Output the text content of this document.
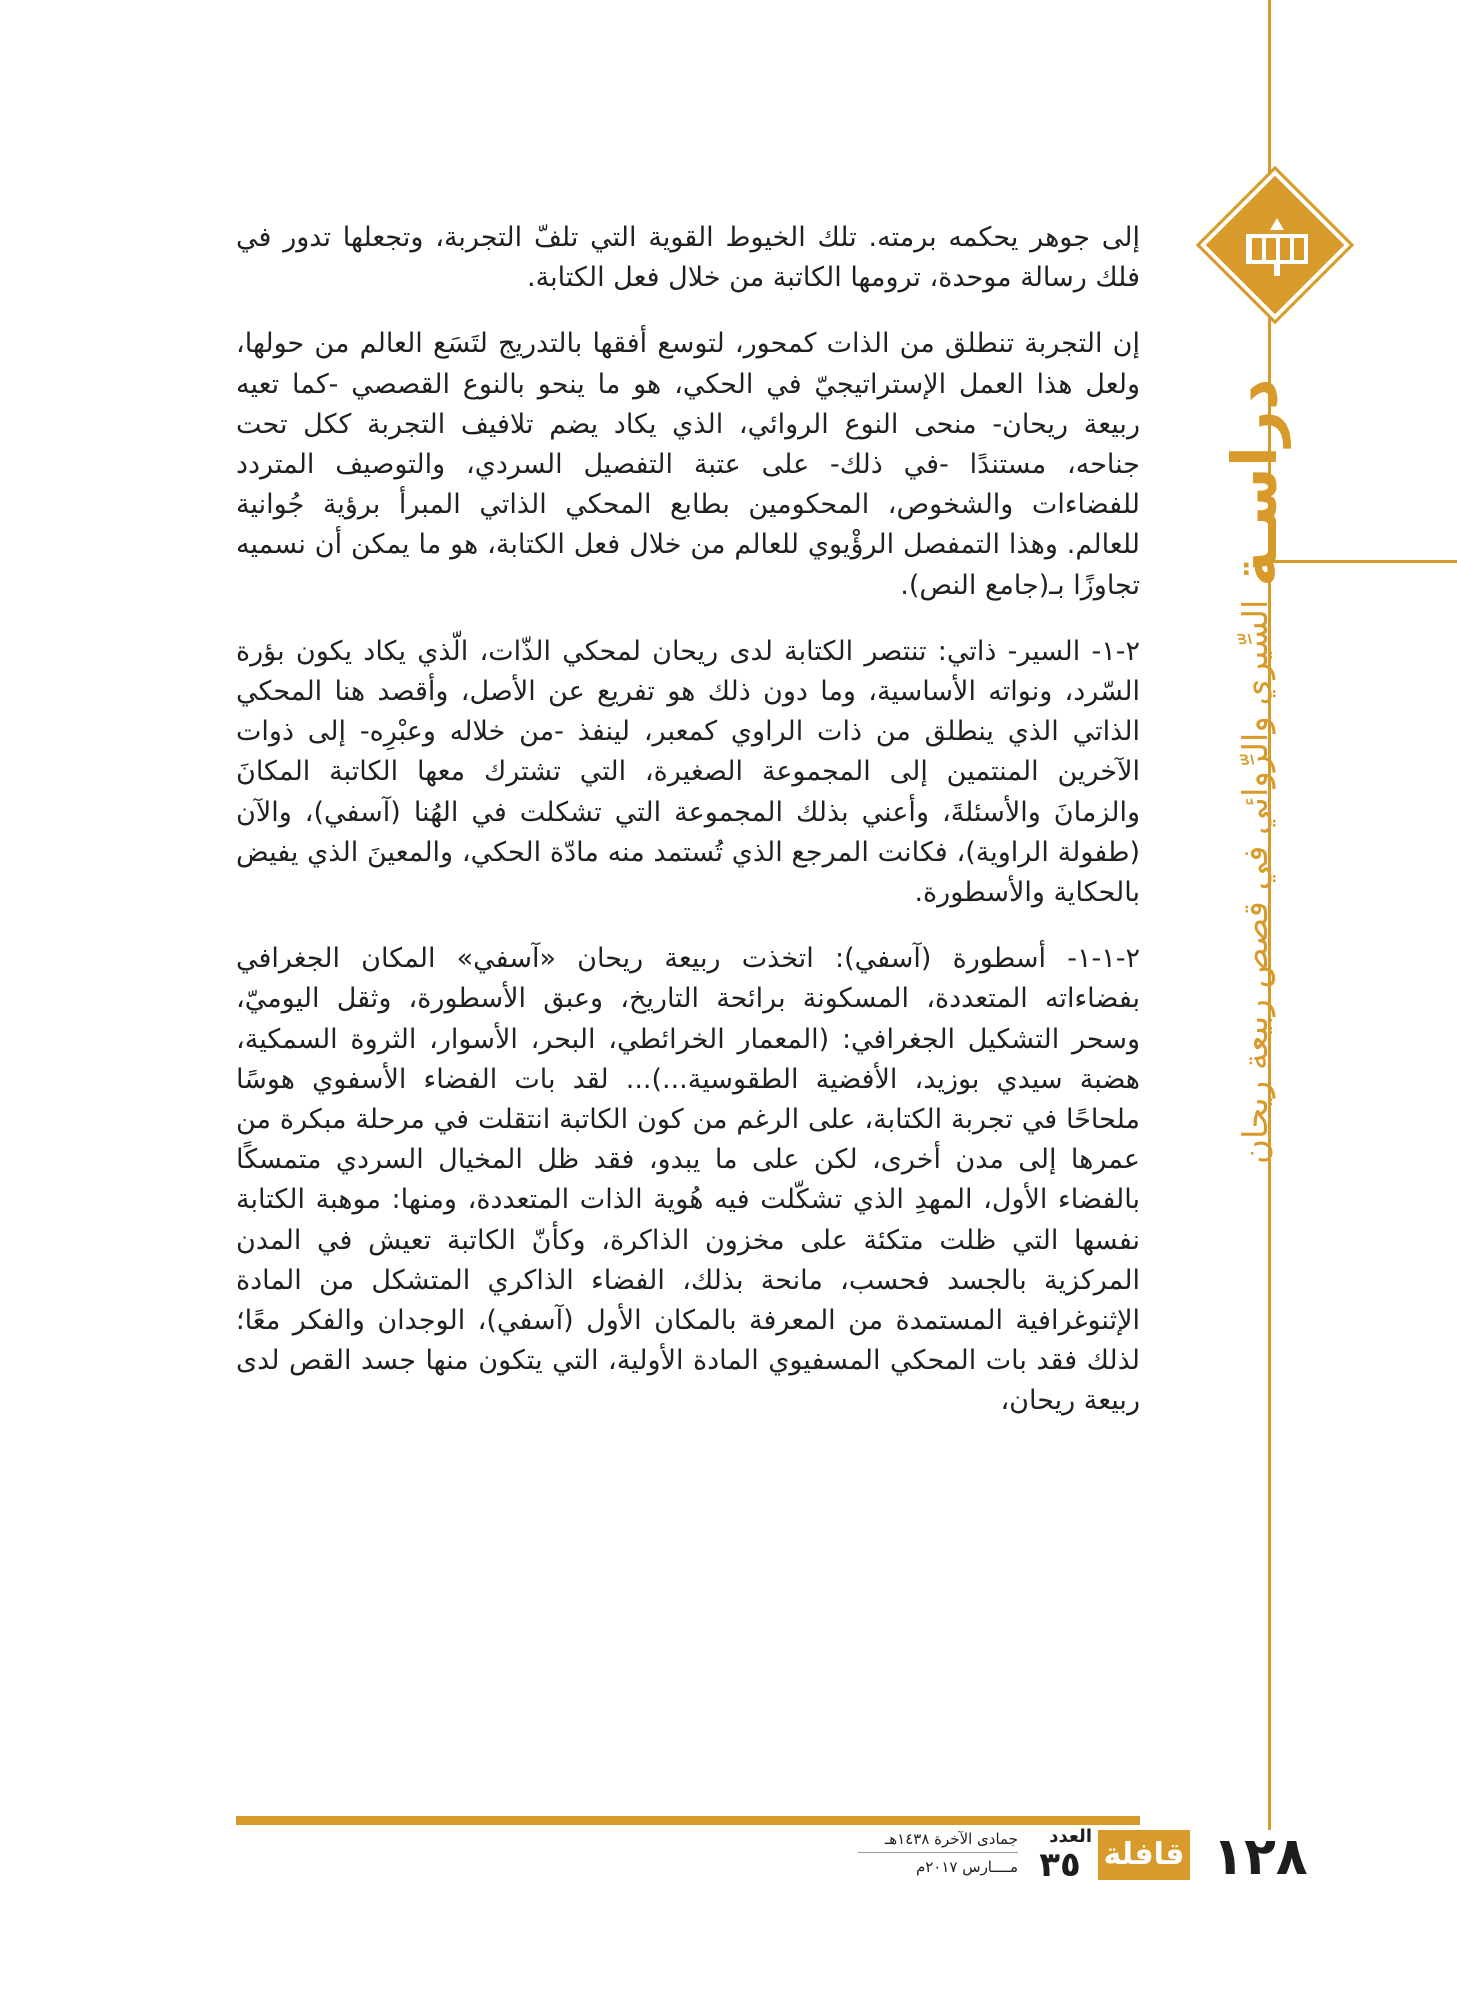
دراسـة
السِّيري والرِّوائي في قصص ربيعة ريحان

إلى جوهر يحكمه برمته. تلك الخيوط القوية التي تلفّ التجربة، وتجعلها تدور في فلك رسالة موحدة، ترومها الكاتبة من خلال فعل الكتابة.

إن التجربة تنطلق من الذات كمحور، لتوسع أفقها بالتدريج لتَسَع العالم من حولها، ولعل هذا العمل الإستراتيجيّ في الحكي، هو ما ينحو بالنوع القصصي -كما تعيه ربيعة ريحان- منحى النوع الروائي، الذي يكاد يضم تلافيف التجربة ككل تحت جناحه، مستندًا -في ذلك- على عتبة التفصيل السردي، والتوصيف المتردد للفضاءات والشخوص، المحكومين بطابع المحكي الذاتي المبرأ برؤية جُوانية للعالم. وهذا التمفصل الرؤْيوي للعالم من خلال فعل الكتابة، هو ما يمكن أن نسميه تجاوزًا بـ(جامع النص).

٢-١- السير- ذاتي: تنتصر الكتابة لدى ريحان لمحكي الذّات، الّذي يكاد يكون بؤرة السّرد، ونواته الأساسية، وما دون ذلك هو تفريع عن الأصل، وأقصد هنا المحكي الذاتي الذي ينطلق من ذات الراوي كمعبر، لينفذ -من خلاله وعبْرِه- إلى ذوات الآخرين المنتمين إلى المجموعة الصغيرة، التي تشترك معها الكاتبة المكانَ والزمانَ والأسئلةَ، وأعني بذلك المجموعة التي تشكلت في الهُنا (آسفي)، والآن (طفولة الراوية)، فكانت المرجع الذي تُستمد منه مادّة الحكي، والمعينَ الذي يفيض بالحكاية والأسطورة.

٢-١-١- أسطورة (آسفي): اتخذت ربيعة ريحان «آسفي» المكان الجغرافي بفضاءاته المتعددة، المسكونة برائحة التاريخ، وعبق الأسطورة، وثقل اليوميّ، وسحر التشكيل الجغرافي: (المعمار الخرائطي، البحر، الأسوار، الثروة السمكية، هضبة سيدي بوزيد، الأفضية الطقوسية...)... لقد بات الفضاء الأسفوي هوسًا ملحاحًا في تجربة الكتابة، على الرغم من كون الكاتبة انتقلت في مرحلة مبكرة من عمرها إلى مدن أخرى، لكن على ما يبدو، فقد ظل المخيال السردي متمسكًا بالفضاء الأول، المهدِ الذي تشكّلت فيه هُوية الذات المتعددة، ومنها: موهبة الكتابة نفسها التي ظلت متكئة على مخزون الذاكرة، وكأنّ الكاتبة تعيش في المدن المركزية بالجسد فحسب، مانحة بذلك، الفضاء الذاكري المتشكل من المادة الإثنوغرافية المستمدة من المعرفة بالمكان الأول (آسفي)، الوجدان والفكر معًا؛ لذلك فقد بات المحكي المسفيوي المادة الأولية، التي يتكون منها جسد القص لدى ربيعة ريحان،

١٢٨
قافلة
العدد
٣٥
جمادى الآخرة ١٤٣٨هـ
مــــارس ٢٠١٧م
